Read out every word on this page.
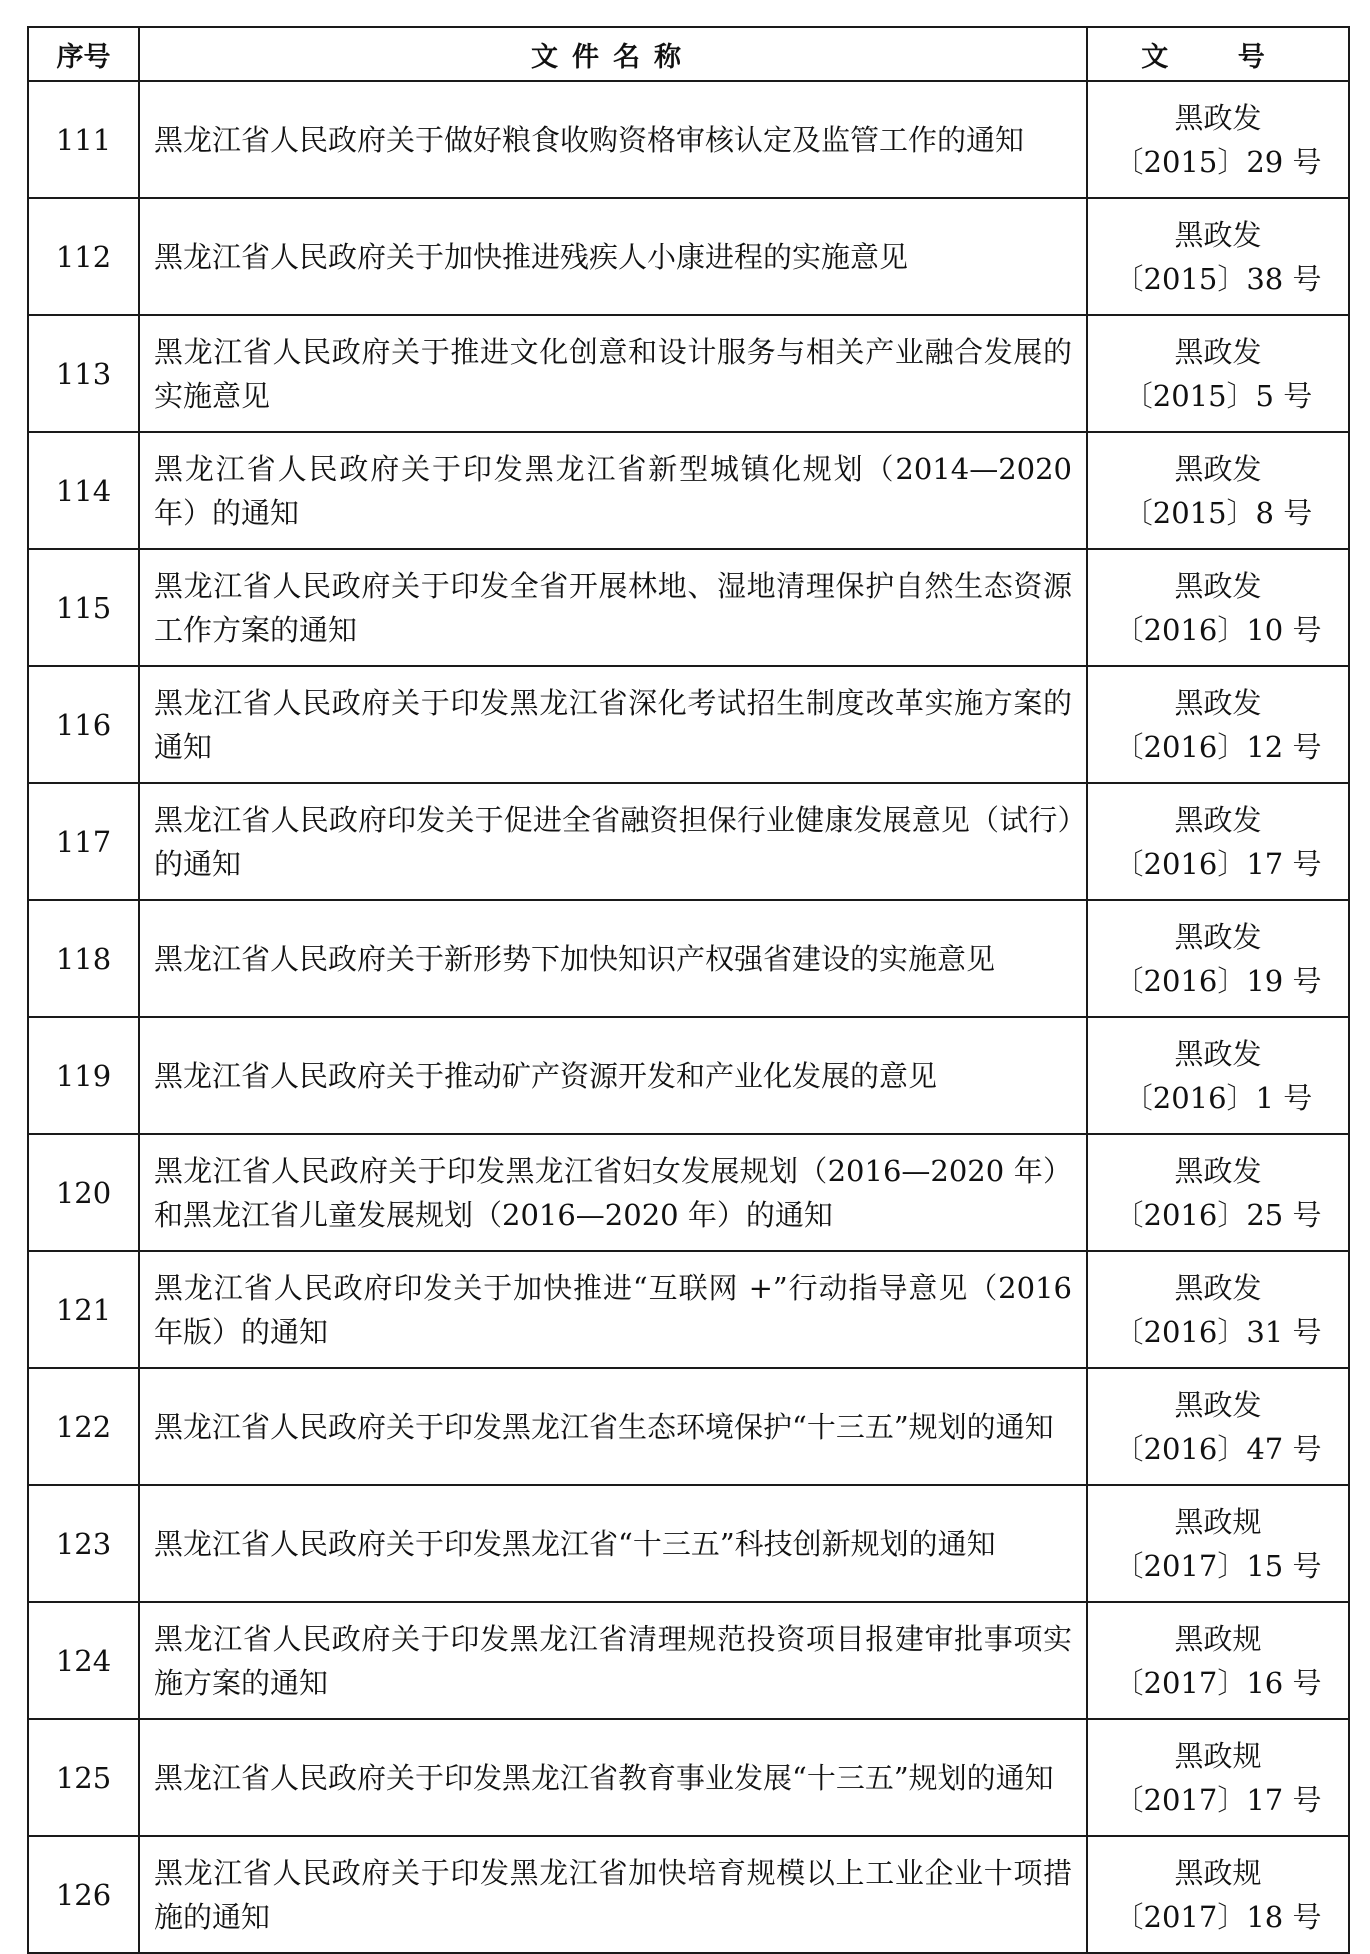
序号	文件名称	文 号
111	黑龙江省人民政府关于做好粮食收购资格审核认定及监管工作的通知	黑政发
〔2015〕29 号

112	黑龙江省人民政府关于加快推进残疾人小康进程的实施意见	黑政发
〔2015〕38 号

113	黑龙江省人民政府关于推进文化创意和设计服务与相关产业融合发展的实施意见	黑政发
〔2015〕5 号

114	黑龙江省人民政府关于印发黑龙江省新型城镇化规划（2014—2020 年）的通知	黑政发
〔2015〕8 号

115	黑龙江省人民政府关于印发全省开展林地、湿地清理保护自然生态资源工作方案的通知	黑政发
〔2016〕10 号

116	黑龙江省人民政府关于印发黑龙江省深化考试招生制度改革实施方案的通知	黑政发
〔2016〕12 号

117	黑龙江省人民政府印发关于促进全省融资担保行业健康发展意见（试行）的通知	黑政发
〔2016〕17 号

118	黑龙江省人民政府关于新形势下加快知识产权强省建设的实施意见	黑政发
〔2016〕19 号

119	黑龙江省人民政府关于推动矿产资源开发和产业化发展的意见	黑政发
〔2016〕1 号

120	黑龙江省人民政府关于印发黑龙江省妇女发展规划（2016—2020 年）和黑龙江省儿童发展规划（2016—2020 年）的通知	黑政发
〔2016〕25 号

121	黑龙江省人民政府印发关于加快推进“互联网 +”行动指导意见（2016 年版）的通知	黑政发
〔2016〕31 号

122	黑龙江省人民政府关于印发黑龙江省生态环境保护“十三五”规划的通知	黑政发
〔2016〕47 号

123	黑龙江省人民政府关于印发黑龙江省“十三五”科技创新规划的通知	黑政规
〔2017〕15 号

124	黑龙江省人民政府关于印发黑龙江省清理规范投资项目报建审批事项实施方案的通知	黑政规
〔2017〕16 号

125	黑龙江省人民政府关于印发黑龙江省教育事业发展“十三五”规划的通知	黑政规
〔2017〕17 号

126	黑龙江省人民政府关于印发黑龙江省加快培育规模以上工业企业十项措施的通知	黑政规
〔2017〕18 号
